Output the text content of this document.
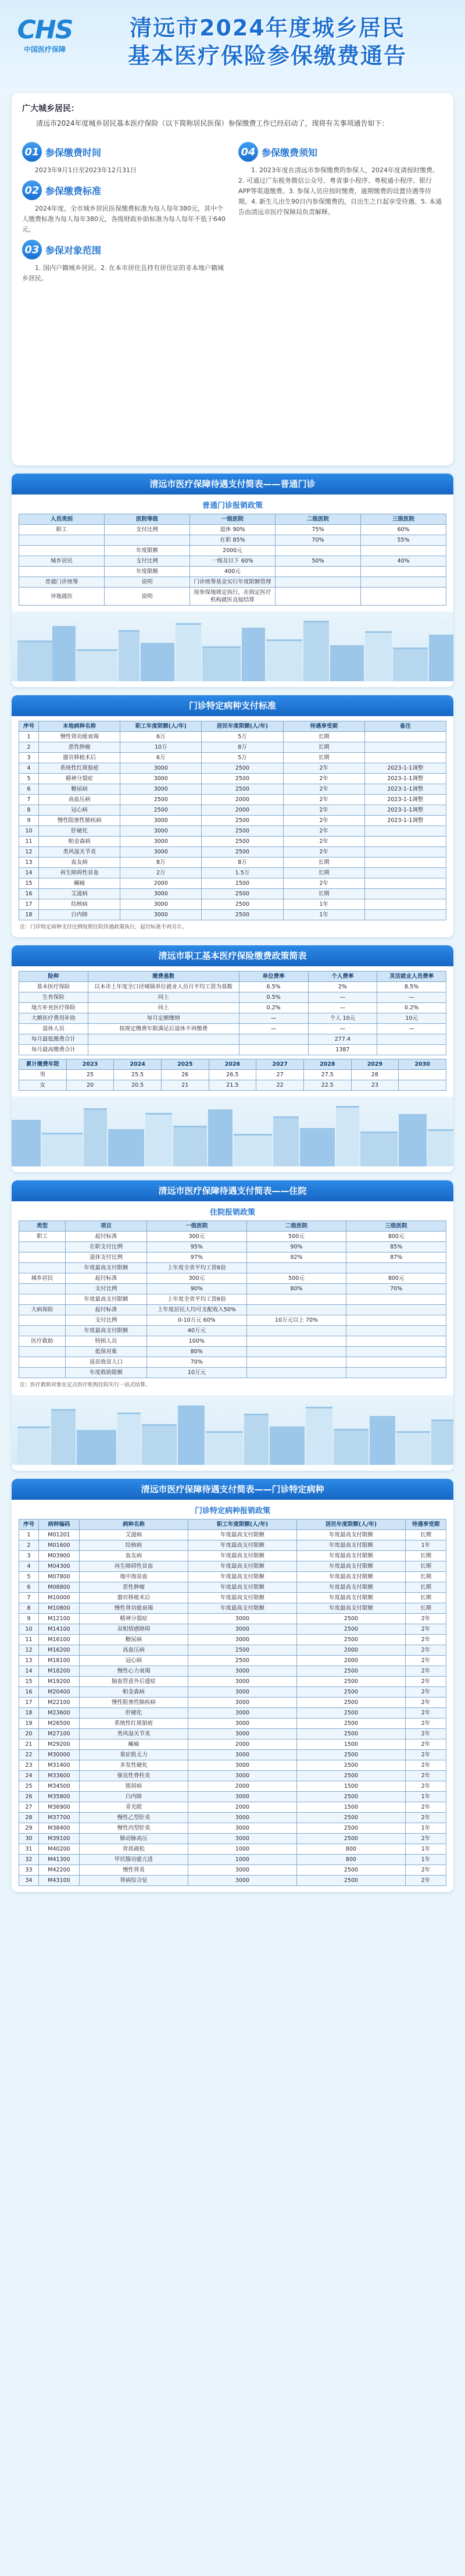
CHS
中国医疗保障
清远市2024年度城乡居民
基本医疗保险参保缴费通告
广大城乡居民：
清远市2024年度城乡居民基本医疗保险（以下简称居民医保）参保缴费工作已经启动了，现将有关事项通告如下：
01 参保缴费时间
2023年9月1日至2023年12月31日
02 参保缴费标准
2024年度，全市城乡居民医保缴费标准为每人每年380元，其中个人缴费标准为每人每年380元，各级财政补助标准为每人每年不低于640元。
03 参保对象范围
1. 国内户籍城乡居民。2. 在本市居住且持有居住证的非本地户籍城乡居民。
04 参保缴费须知
1. 2023年度在清远市参保缴费的参保人，2024年度请按时缴费。2. 可通过广东税务微信公众号、粤省事小程序、粤税通小程序、银行APP等渠道缴费。3. 参保人员应按时缴费，逾期缴费的设置待遇等待期。4. 新生儿出生90日内参保缴费的，自出生之日起享受待遇。5. 本通告由清远市医疗保障局负责解释。
清远市医疗保障待遇支付简表——普通门诊
普通门诊报销政策
人员类别	医院等级	一级医院	二级医院	三级医院
职工	支付比例	退休 90%	75%	60%
		在职 85%	70%	55%
	年度限额	2000元		
城乡居民	支付比例	一级及以下 60%	50%	40%
	年度限额	400元		
普通门诊统筹	说明	门诊统筹基金实行年度限额管理		
异地就医	说明	按参保地规定执行，在指定医疗机构就医直接结算		
门诊特定病种支付标准
序号	本地病种名称	职工年度限额(人/年)	居民年度限额(人/年)	待遇享受期	备注
1	慢性肾功能衰竭	6万	5万	长期	
2	恶性肿瘤	10万	8万	长期	
3	器官移植术后	6万	5万	长期	
4	系统性红斑狼疮	3000	2500	2年	2023-1-1调整
5	精神分裂症	3000	2500	2年	2023-1-1调整
6	糖尿病	3000	2500	2年	2023-1-1调整
7	高血压病	2500	2000	2年	2023-1-1调整
8	冠心病	2500	2000	2年	2023-1-1调整
9	慢性阻塞性肺疾病	3000	2500	2年	2023-1-1调整
10	肝硬化	3000	2500	2年	
11	帕金森病	3000	2500	2年	
12	类风湿关节炎	3000	2500	2年	
13	血友病	8万	8万	长期	
14	再生障碍性贫血	2万	1.5万	长期	
15	癫痫	2000	1500	2年	
16	艾滋病	3000	2500	长期	
17	结核病	3000	2500	1年	
18	白内障	3000	2500	1年	
注：门诊特定病种支付比例按照住院待遇政策执行，起付标准不再另计。
清远市职工基本医疗保险缴费政策简表
险种	缴费基数	单位费率	个人费率	灵活就业人员费率
基本医疗保险	以本市上年度全口径城镇单位就业人员月平均工资为基数	6.5%	2%	8.5%
生育保险	同上	0.5%	—	—
地方补充医疗保险	同上	0.2%	—	0.2%
大额医疗费用补助	每月定额缴纳	—	个人 10元	10元
退休人员	按规定缴费年限满足后退休不再缴费	—	—	—
每月最低缴费合计			277.4	
每月最高缴费合计			1387	
累计缴费年限	2023	2024	2025	2026	2027	2028	2029	2030
男	25	25.5	26	26.5	27	27.5	28	
女	20	20.5	21	21.5	22	22.5	23	
清远市医疗保障待遇支付简表——住院
住院报销政策
类型	项目	一级医院	二级医院	三级医院
职工	起付标准	300元	500元	800元
	在职支付比例	95%	90%	85%
	退休支付比例	97%	92%	87%
	年度最高支付限额	上年度全省平均工资6倍		
城乡居民	起付标准	300元	500元	800元
	支付比例	90%	80%	70%
	年度最高支付限额	上年度全省平均工资6倍		
大病保险	起付标准	上年度居民人均可支配收入50%		
	支付比例	0-10万元 60%	10万元以上 70%	
	年度最高支付限额	40万元		
医疗救助	特困人员	100%		
	低保对象	80%		
	返贫致贫人口	70%		
	年度救助限额	10万元		
注：医疗救助对象在定点医疗机构住院实行一站式结算。
清远市医疗保障待遇支付简表——门诊特定病种
门诊特定病种报销政策
序号	病种编码	病种名称	职工年度限额(人/年)	居民年度限额(人/年)	待遇享受期
1	M01201	艾滋病	年度最高支付限额	年度最高支付限额	长期
2	M01600	结核病	年度最高支付限额	年度最高支付限额	1年
3	M03900	血友病	年度最高支付限额	年度最高支付限额	长期
4	M04300	再生障碍性贫血	年度最高支付限额	年度最高支付限额	长期
5	M07800	地中海贫血	年度最高支付限额	年度最高支付限额	长期
6	M08800	恶性肿瘤	年度最高支付限额	年度最高支付限额	长期
7	M10000	器官移植术后	年度最高支付限额	年度最高支付限额	长期
8	M10800	慢性肾功能衰竭	年度最高支付限额	年度最高支付限额	长期
9	M12100	精神分裂症	3000	2500	2年
10	M14100	双相情感障碍	3000	2500	2年
11	M16100	糖尿病	3000	2500	2年
12	M16200	高血压病	2500	2000	2年
13	M18100	冠心病	2500	2000	2年
14	M18200	慢性心力衰竭	3000	2500	2年
15	M19200	脑血管意外后遗症	3000	2500	2年
16	M20400	帕金森病	3000	2500	2年
17	M22100	慢性阻塞性肺疾病	3000	2500	2年
18	M23600	肝硬化	3000	2500	2年
19	M26500	系统性红斑狼疮	3000	2500	2年
20	M27100	类风湿关节炎	3000	2500	2年
21	M29200	癫痫	2000	1500	2年
22	M30000	重症肌无力	3000	2500	2年
23	M31400	多发性硬化	3000	2500	2年
24	M33600	强直性脊柱炎	3000	2500	2年
25	M34500	银屑病	2000	1500	2年
26	M35800	白内障	3000	2500	1年
27	M36900	青光眼	2000	1500	2年
28	M37700	慢性乙型肝炎	3000	2500	2年
29	M38400	慢性丙型肝炎	3000	2500	1年
30	M39100	肺动脉高压	3000	2500	2年
31	M40200	骨质疏松	1000	800	1年
32	M41300	甲状腺功能亢进	1000	800	1年
33	M42200	慢性肾炎	3000	2500	2年
34	M43100	肾病综合征	3000	2500	2年
